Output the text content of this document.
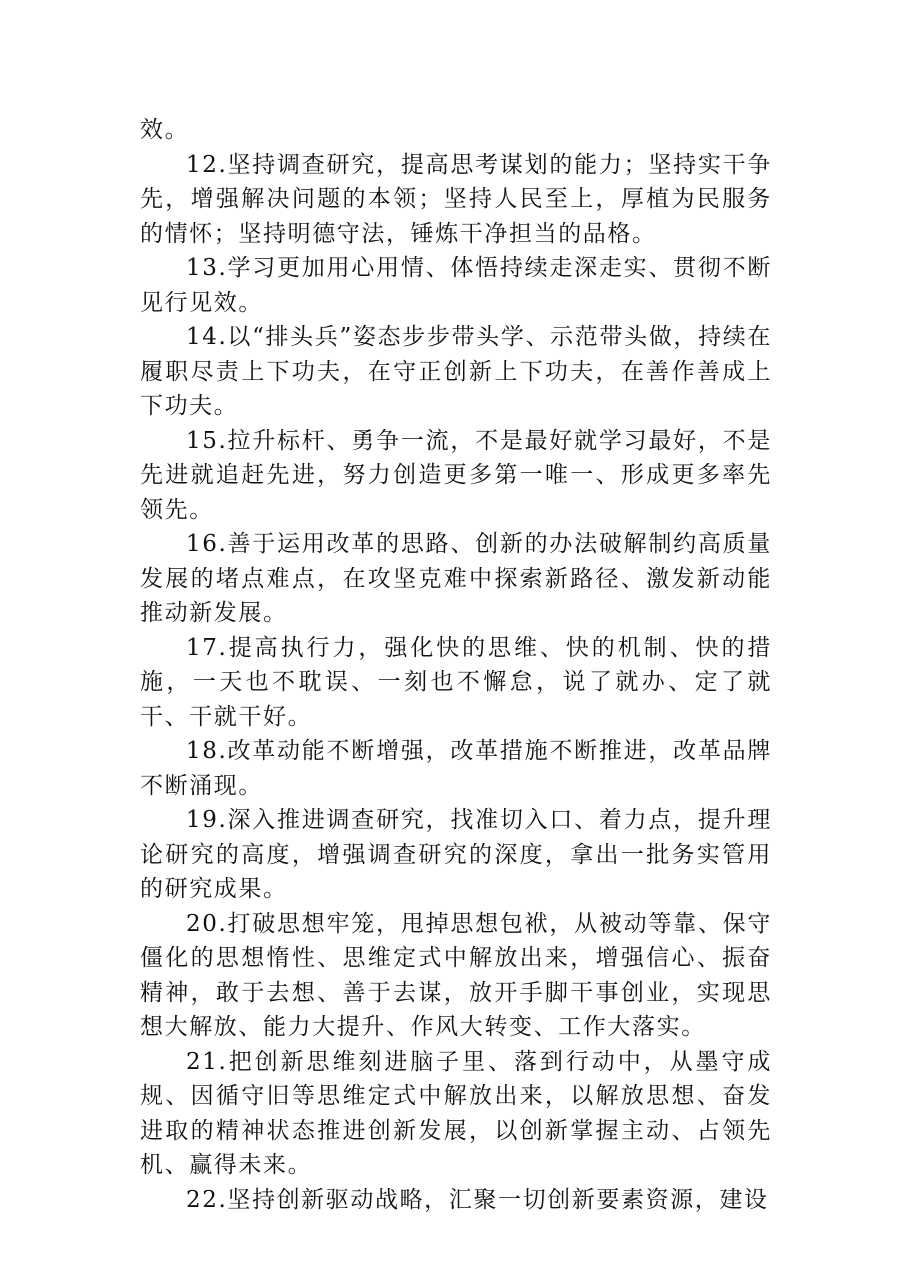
效。

12.坚持调查研究，提高思考谋划的能力；坚持实干争先，增强解决问题的本领；坚持人民至上，厚植为民服务的情怀；坚持明德守法，锤炼干净担当的品格。

13.学习更加用心用情、体悟持续走深走实、贯彻不断见行见效。

14.以“排头兵”姿态步步带头学、示范带头做，持续在履职尽责上下功夫，在守正创新上下功夫，在善作善成上下功夫。

15.拉升标杆、勇争一流，不是最好就学习最好，不是先进就追赶先进，努力创造更多第一唯一、形成更多率先领先。

16.善于运用改革的思路、创新的办法破解制约高质量发展的堵点难点，在攻坚克难中探索新路径、激发新动能推动新发展。

17.提高执行力，强化快的思维、快的机制、快的措施，一天也不耽误、一刻也不懈怠，说了就办、定了就干、干就干好。

18.改革动能不断增强，改革措施不断推进，改革品牌不断涌现。

19.深入推进调查研究，找准切入口、着力点，提升理论研究的高度，增强调查研究的深度，拿出一批务实管用的研究成果。

20.打破思想牢笼，甩掉思想包袱，从被动等靠、保守僵化的思想惰性、思维定式中解放出来，增强信心、振奋精神，敢于去想、善于去谋，放开手脚干事创业，实现思想大解放、能力大提升、作风大转变、工作大落实。

21.把创新思维刻进脑子里、落到行动中，从墨守成规、因循守旧等思维定式中解放出来，以解放思想、奋发进取的精神状态推进创新发展，以创新掌握主动、占领先机、赢得未来。

22.坚持创新驱动战略，汇聚一切创新要素资源，建设
